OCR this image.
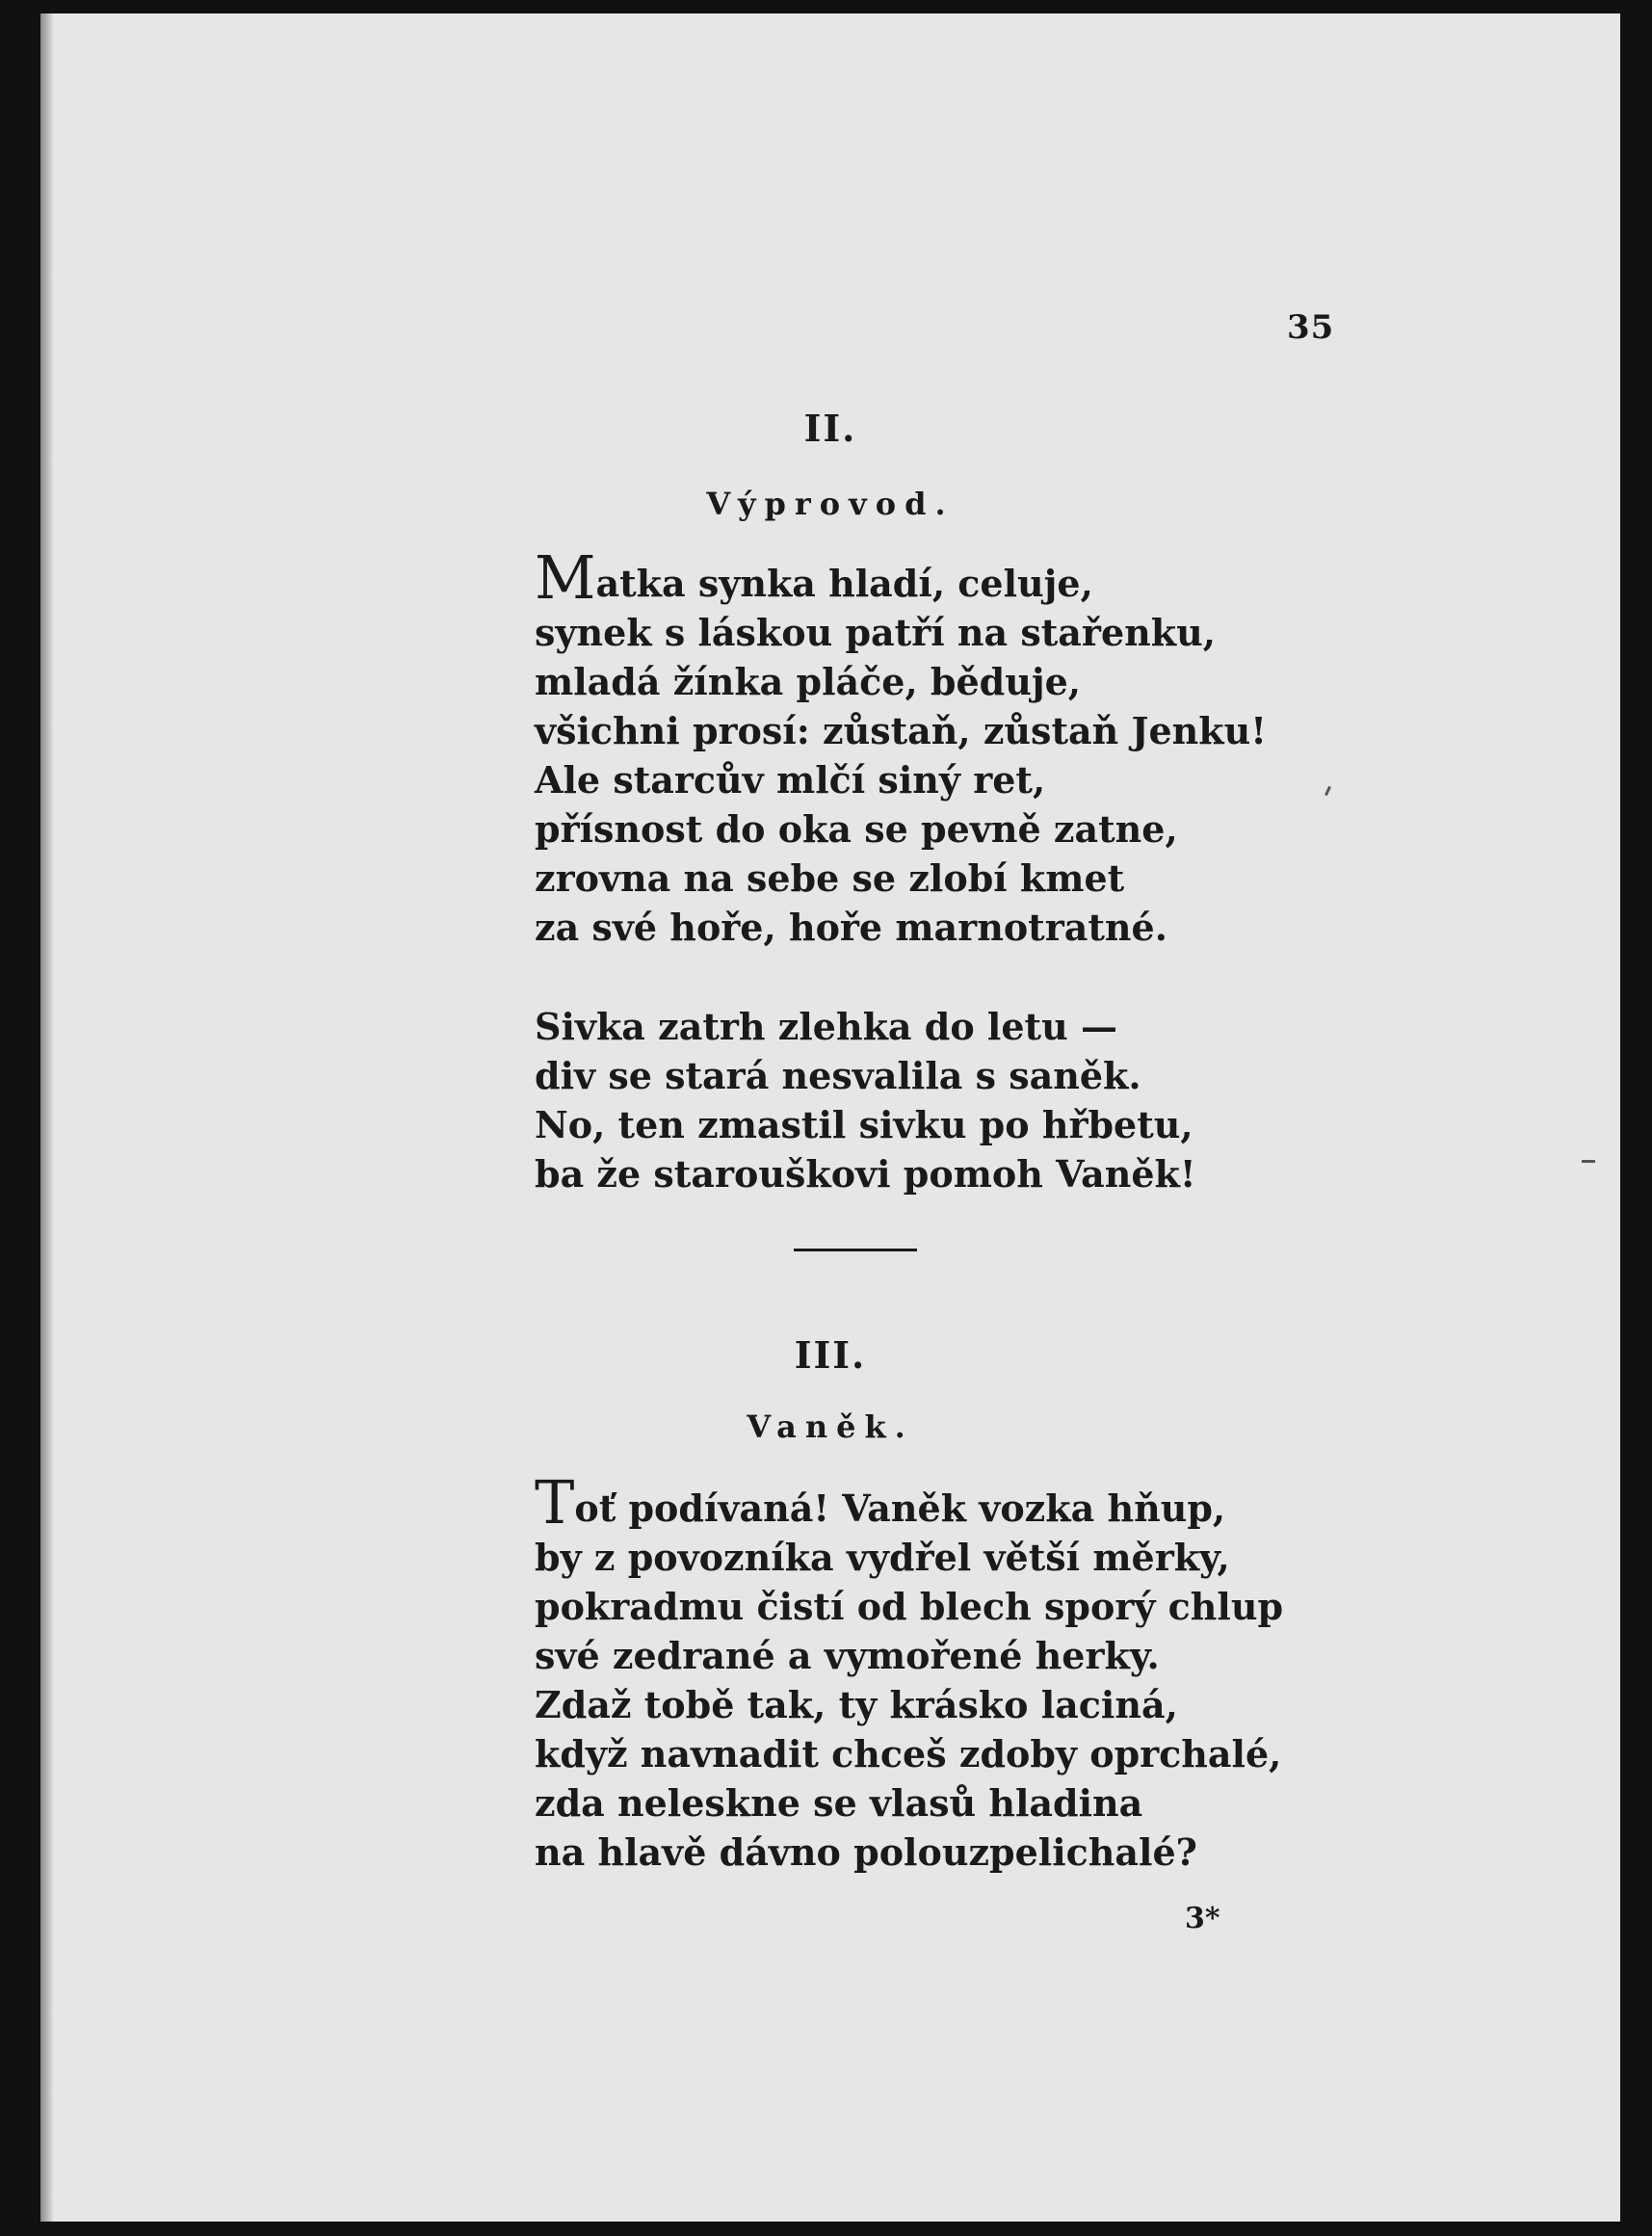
35
II.
Výprovod.
Matka synka hladí, celuje,
synek s láskou patří na stařenku,
mladá žínka pláče, běduje,
všichni prosí: zůstaň, zůstaň Jenku!
Ale starcův mlčí siný ret,
přísnost do oka se pevně zatne,
zrovna na sebe se zlobí kmet
za své hoře, hoře marnotratné.
Sivka zatrh zlehka do letu —
div se stará nesvalila s saněk.
No, ten zmastil sivku po hřbetu,
ba že starouškovi pomoh Vaněk!
III.
Vaněk.
Toť podívaná! Vaněk vozka hňup,
by z povozníka vydřel větší měrky,
pokradmu čistí od blech sporý chlup
své zedrané a vymořené herky.
Zdaž tobě tak, ty krásko laciná,
když navnadit chceš zdoby oprchalé,
zda neleskne se vlasů hladina
na hlavě dávno polouzpelichalé?
3*
